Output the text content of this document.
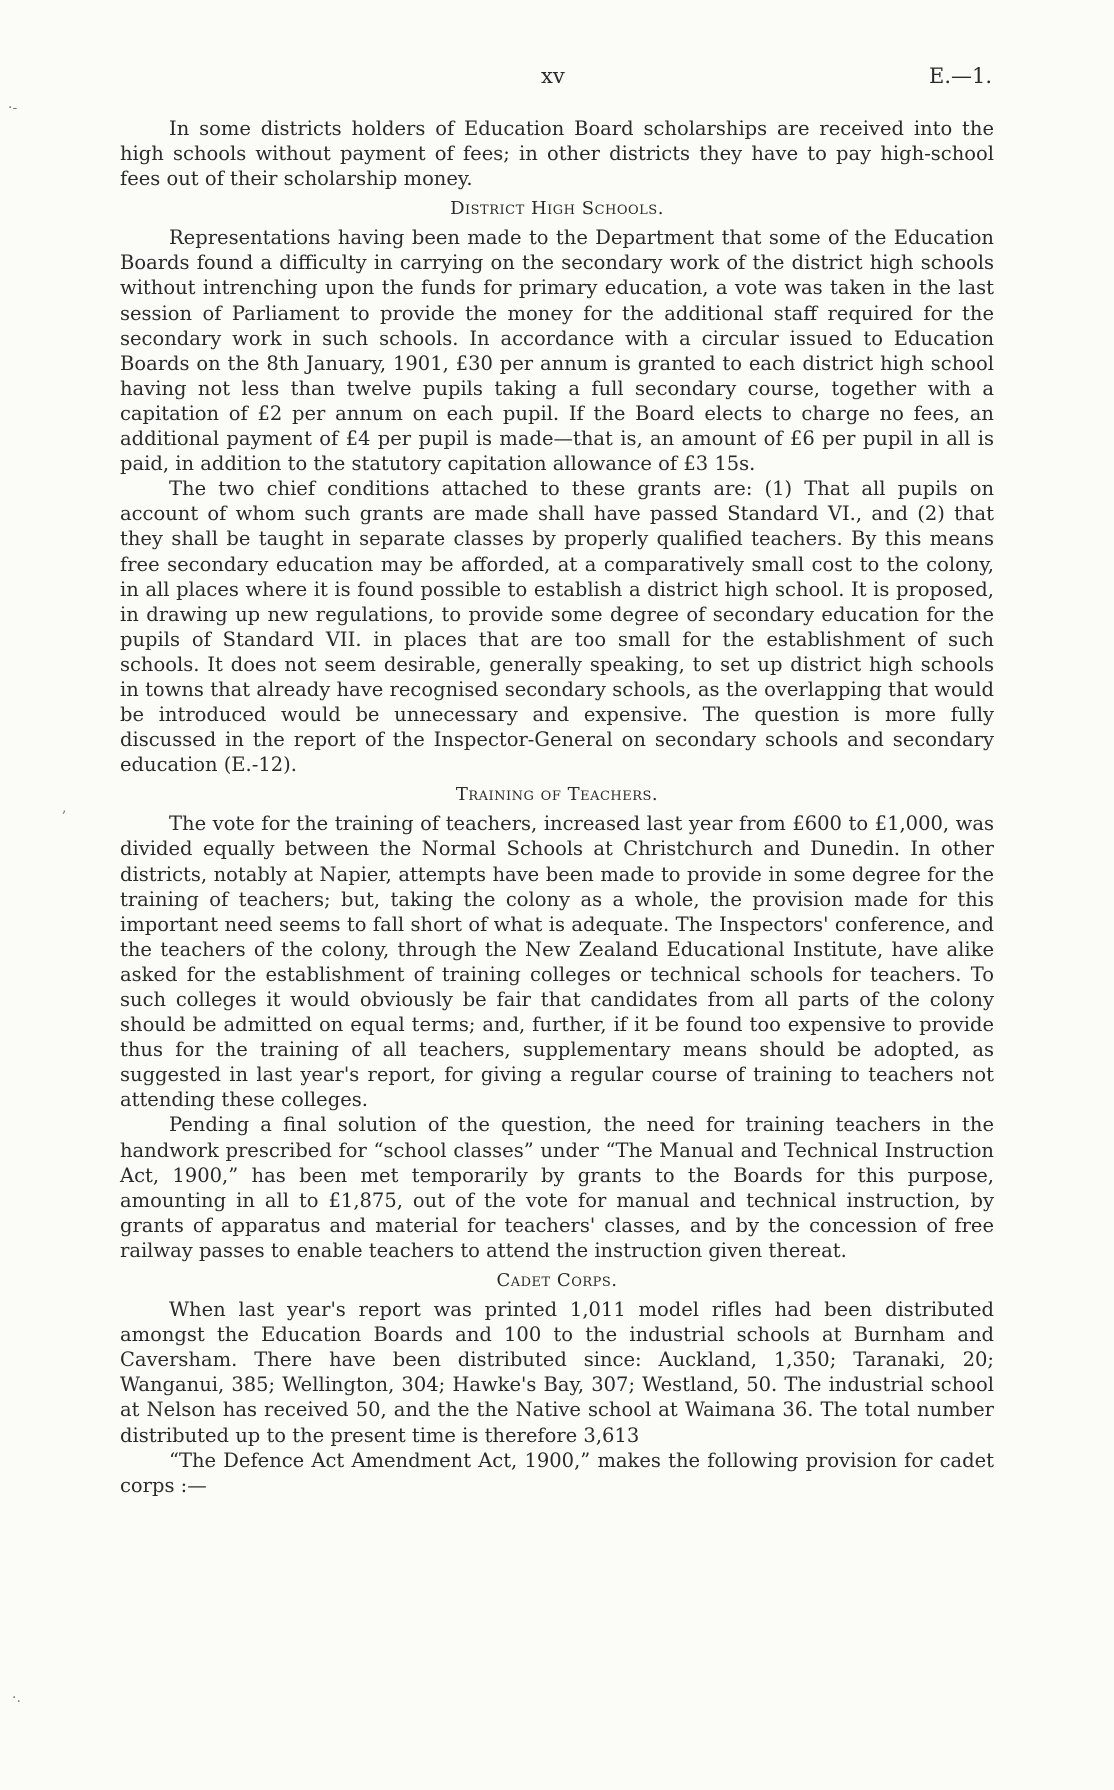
xv	E.—1.
·‐
,
·.

In some districts holders of Education Board scholarships are received into the high schools without payment of fees; in other districts they have to pay high-school fees out of their scholarship money.

District High Schools.

Representations having been made to the Department that some of the Education Boards found a difficulty in carrying on the secondary work of the district high schools without intrenching upon the funds for primary education, a vote was taken in the last session of Parliament to provide the money for the additional staff required for the secondary work in such schools. In accordance with a circular issued to Education Boards on the 8th January, 1901, £30 per annum is granted to each district high school having not less than twelve pupils taking a full secondary course, together with a capitation of £2 per annum on each pupil. If the Board elects to charge no fees, an additional payment of £4 per pupil is made—that is, an amount of £6 per pupil in all is paid, in addition to the statutory capitation allowance of £3 15s.

The two chief conditions attached to these grants are: (1) That all pupils on account of whom such grants are made shall have passed Standard VI., and (2) that they shall be taught in separate classes by properly qualified teachers. By this means free secondary education may be afforded, at a comparatively small cost to the colony, in all places where it is found possible to establish a district high school. It is proposed, in drawing up new regulations, to provide some degree of secondary education for the pupils of Standard VII. in places that are too small for the establishment of such schools. It does not seem desirable, generally speaking, to set up district high schools in towns that already have recognised secondary schools, as the overlapping that would be introduced would be unnecessary and expensive. The question is more fully discussed in the report of the Inspector-General on secondary schools and secondary education (E.-12).

Training of Teachers.

The vote for the training of teachers, increased last year from £600 to £1,000, was divided equally between the Normal Schools at Christchurch and Dunedin. In other districts, notably at Napier, attempts have been made to provide in some degree for the training of teachers; but, taking the colony as a whole, the provision made for this important need seems to fall short of what is adequate. The Inspectors' conference, and the teachers of the colony, through the New Zealand Educational Institute, have alike asked for the establishment of training colleges or technical schools for teachers. To such colleges it would obviously be fair that candidates from all parts of the colony should be admitted on equal terms; and, further, if it be found too expensive to provide thus for the training of all teachers, supplementary means should be adopted, as suggested in last year's report, for giving a regular course of training to teachers not attending these colleges.

Pending a final solution of the question, the need for training teachers in the handwork prescribed for “school classes” under “The Manual and Technical Instruction Act, 1900,” has been met temporarily by grants to the Boards for this purpose, amounting in all to £1,875, out of the vote for manual and technical instruction, by grants of apparatus and material for teachers' classes, and by the concession of free railway passes to enable teachers to attend the instruction given thereat.

Cadet Corps.

When last year's report was printed 1,011 model rifles had been distributed amongst the Education Boards and 100 to the industrial schools at Burnham and Caversham. There have been distributed since: Auckland, 1,350; Taranaki, 20; Wanganui, 385; Wellington, 304; Hawke's Bay, 307; Westland, 50. The industrial school at Nelson has received 50, and the the Native school at Waimana 36. The total number distributed up to the present time is therefore 3,613

“The Defence Act Amendment Act, 1900,” makes the following provision for cadet corps :—
